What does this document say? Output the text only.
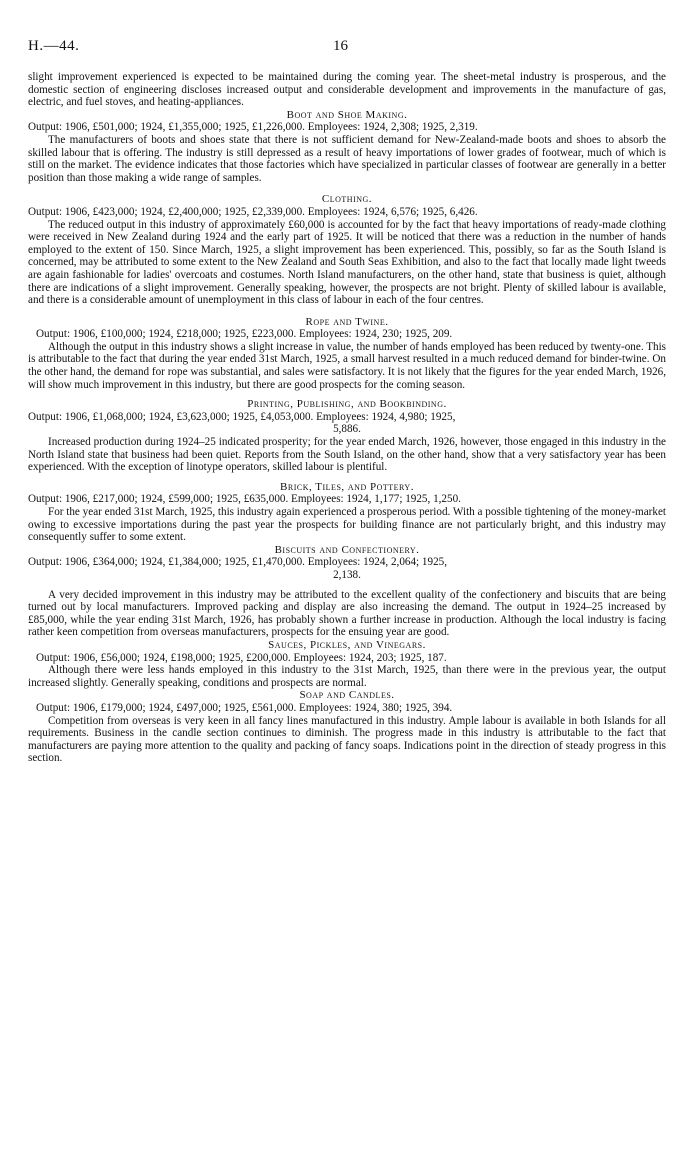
H.—44.	16

slight improvement experienced is expected to be maintained during the coming year. The sheet-metal industry is prosperous, and the domestic section of engineering discloses increased output and considerable development and improvements in the manufacture of gas, electric, and fuel stoves, and heating-appliances.

Boot and Shoe Making.

Output: 1906, £501,000; 1924, £1,355,000; 1925, £1,226,000. Employees: 1924, 2,308; 1925, 2,319.

The manufacturers of boots and shoes state that there is not sufficient demand for New-Zealand-made boots and shoes to absorb the skilled labour that is offering. The industry is still depressed as a result of heavy importations of lower grades of footwear, much of which is still on the market. The evidence indicates that those factories which have specialized in particular classes of footwear are generally in a better position than those making a wide range of samples.

Clothing.

Output: 1906, £423,000; 1924, £2,400,000; 1925, £2,339,000. Employees: 1924, 6,576; 1925, 6,426.

The reduced output in this industry of approximately £60,000 is accounted for by the fact that heavy importations of ready-made clothing were received in New Zealand during 1924 and the early part of 1925. It will be noticed that there was a reduction in the number of hands employed to the extent of 150. Since March, 1925, a slight improvement has been experienced. This, possibly, so far as the South Island is concerned, may be attributed to some extent to the New Zealand and South Seas Exhibition, and also to the fact that locally made light tweeds are again fashionable for ladies' overcoats and costumes. North Island manufacturers, on the other hand, state that business is quiet, although there are indications of a slight improvement. Generally speaking, however, the prospects are not bright. Plenty of skilled labour is available, and there is a considerable amount of unemployment in this class of labour in each of the four centres.

Rope and Twine.

Output: 1906, £100,000; 1924, £218,000; 1925, £223,000. Employees: 1924, 230; 1925, 209.

Although the output in this industry shows a slight increase in value, the number of hands employed has been reduced by twenty-one. This is attributable to the fact that during the year ended 31st March, 1925, a small harvest resulted in a much reduced demand for binder-twine. On the other hand, the demand for rope was substantial, and sales were satisfactory. It is not likely that the figures for the year ended March, 1926, will show much improvement in this industry, but there are good prospects for the coming season.

Printing, Publishing, and Bookbinding.

Output: 1906, £1,068,000; 1924, £3,623,000; 1925, £4,053,000. Employees: 1924, 4,980; 1925,

5,886.

Increased production during 1924–25 indicated prosperity; for the year ended March, 1926, however, those engaged in this industry in the North Island state that business had been quiet. Reports from the South Island, on the other hand, show that a very satisfactory year has been experienced. With the exception of linotype operators, skilled labour is plentiful.

Brick, Tiles, and Pottery.

Output: 1906, £217,000; 1924, £599,000; 1925, £635,000. Employees: 1924, 1,177; 1925, 1,250.

For the year ended 31st March, 1925, this industry again experienced a prosperous period. With a possible tightening of the money-market owing to excessive importations during the past year the prospects for building finance are not particularly bright, and this industry may consequently suffer to some extent.

Biscuits and Confectionery.

Output: 1906, £364,000; 1924, £1,384,000; 1925, £1,470,000. Employees: 1924, 2,064; 1925,

2,138.

A very decided improvement in this industry may be attributed to the excellent quality of the confectionery and biscuits that are being turned out by local manufacturers. Improved packing and display are also increasing the demand. The output in 1924–25 increased by £85,000, while the year ending 31st March, 1926, has probably shown a further increase in production. Although the local industry is facing rather keen competition from overseas manufacturers, prospects for the ensuing year are good.

Sauces, Pickles, and Vinegars.

Output: 1906, £56,000; 1924, £198,000; 1925, £200,000. Employees: 1924, 203; 1925, 187.

Although there were less hands employed in this industry to the 31st March, 1925, than there were in the previous year, the output increased slightly. Generally speaking, conditions and prospects are normal.

Soap and Candles.

Output: 1906, £179,000; 1924, £497,000; 1925, £561,000. Employees: 1924, 380; 1925, 394.

Competition from overseas is very keen in all fancy lines manufactured in this industry. Ample labour is available in both Islands for all requirements. Business in the candle section continues to diminish. The progress made in this industry is attributable to the fact that manufacturers are paying more attention to the quality and packing of fancy soaps. Indications point in the direction of steady progress in this section.
